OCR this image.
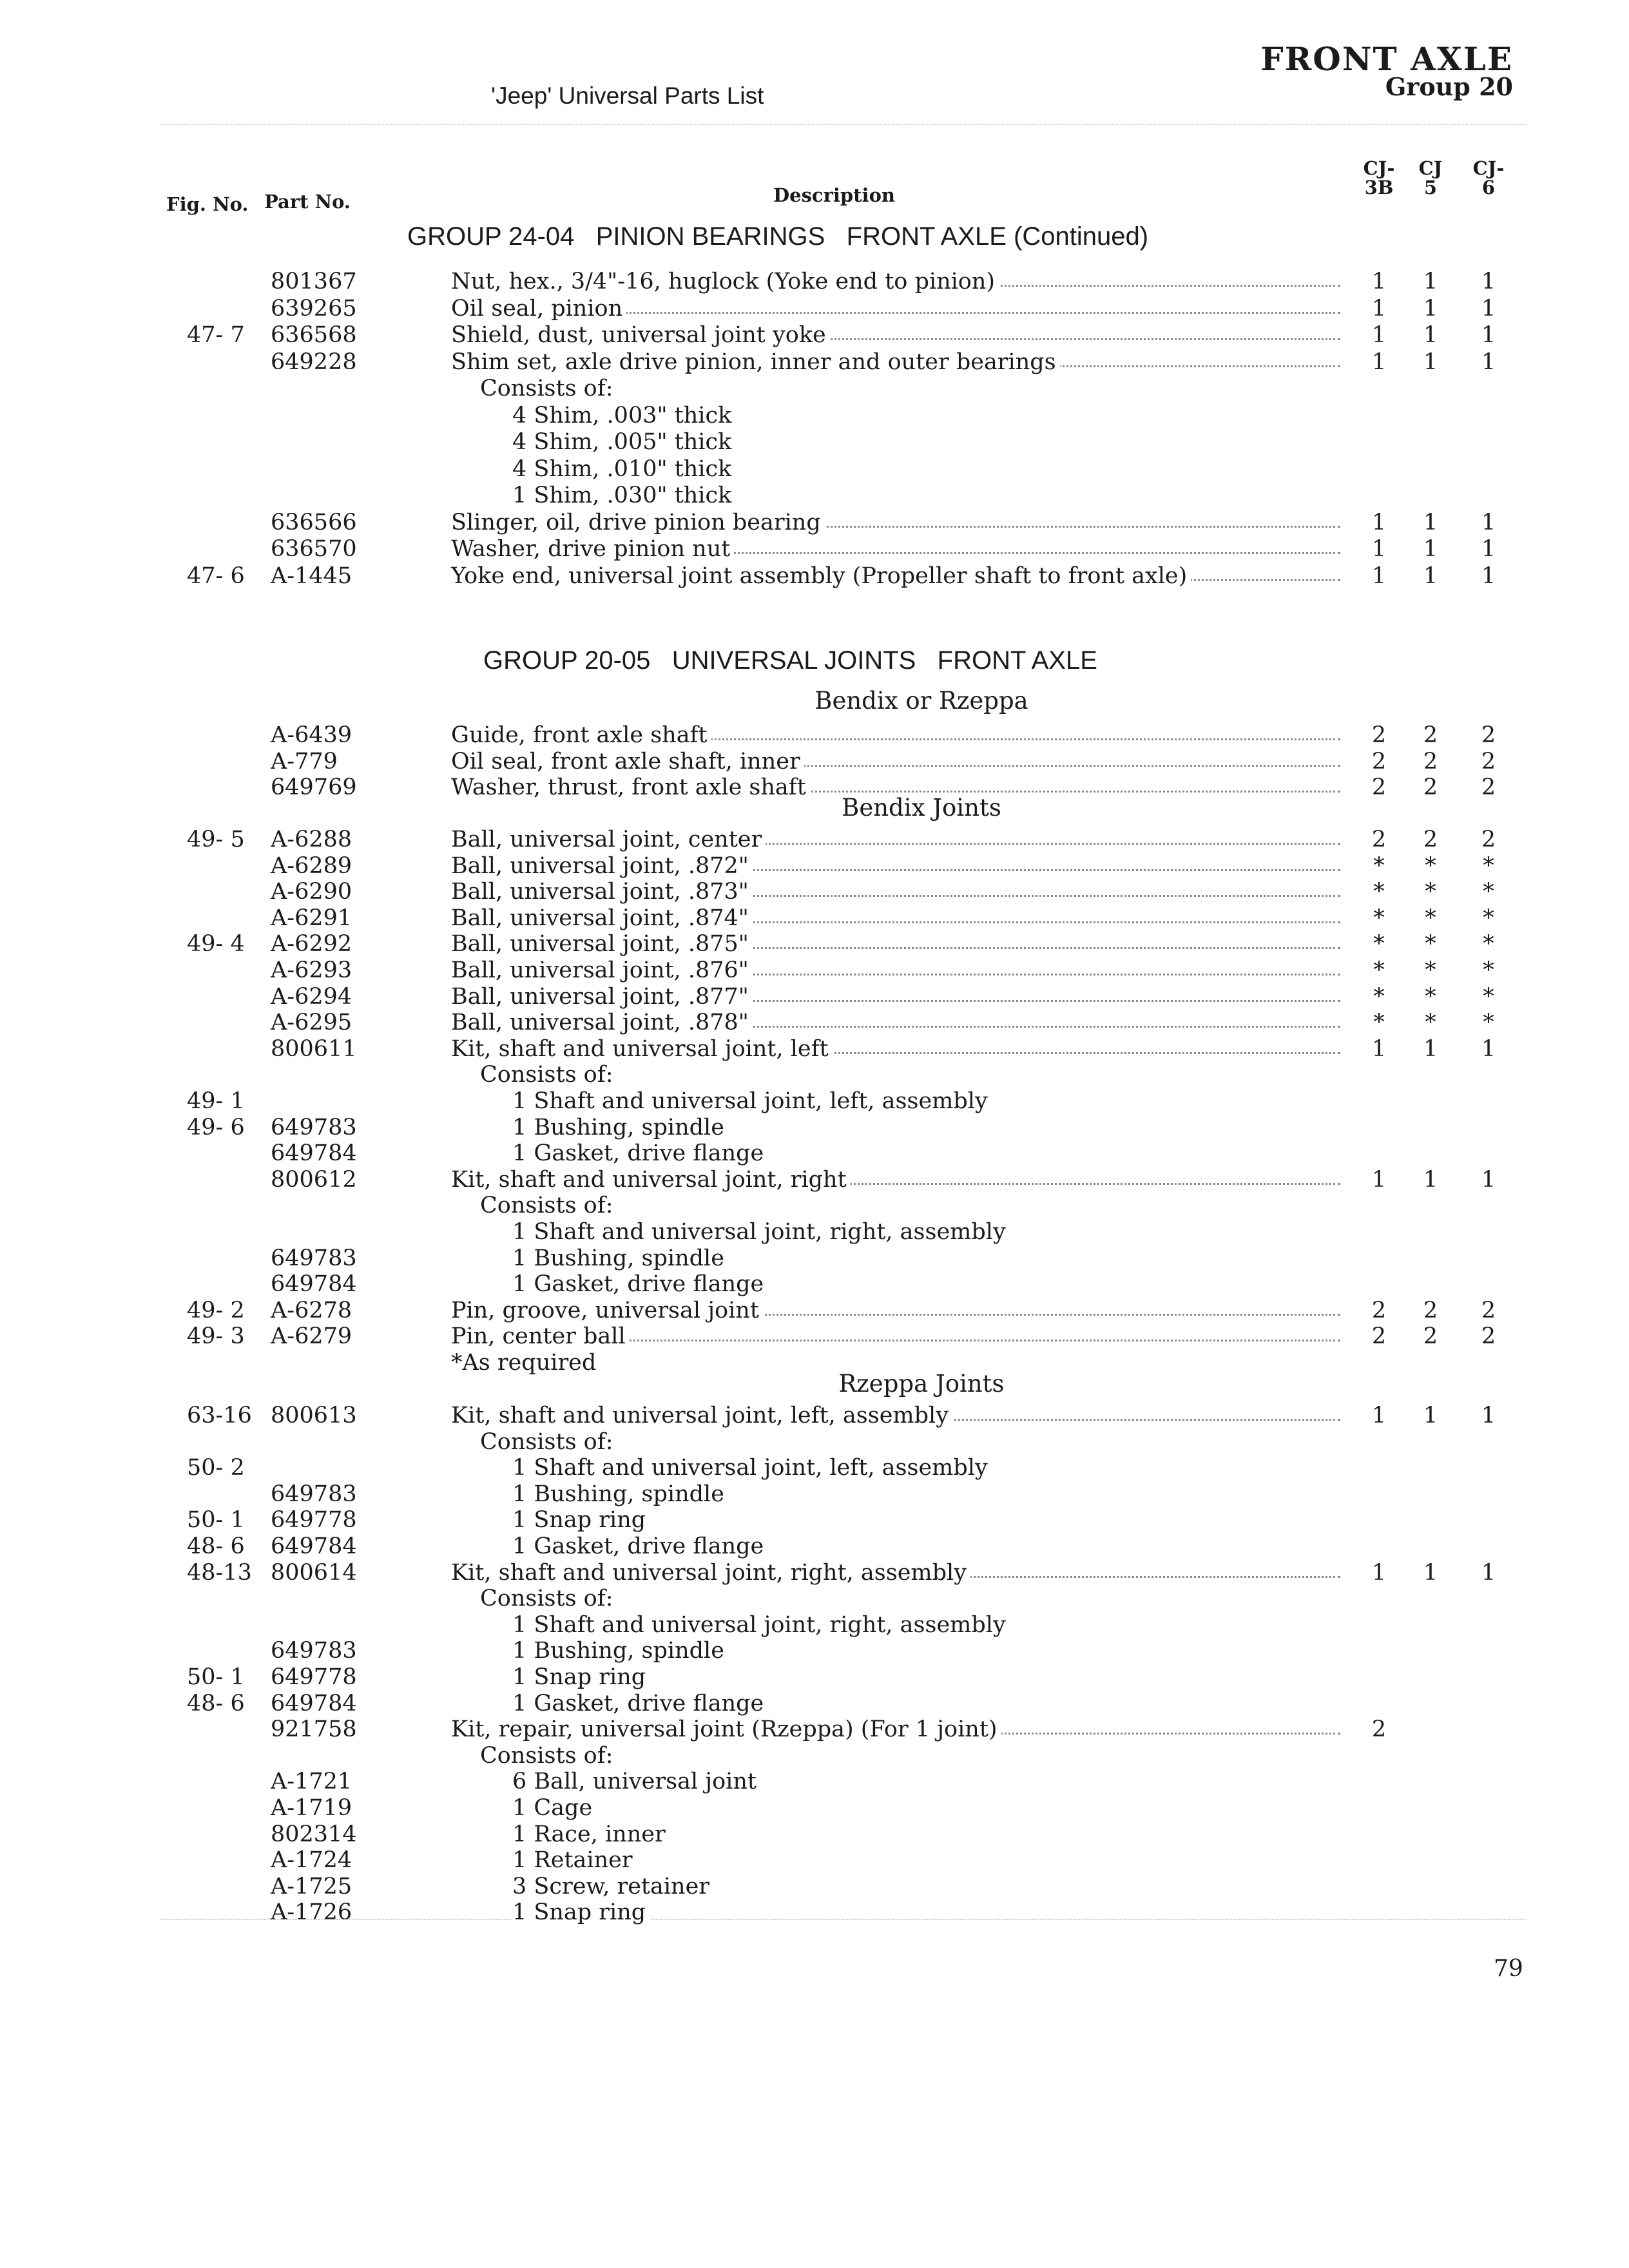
FRONT AXLE
Group 20
'Jeep' Universal Parts List
Fig. No. Part No.	Description
CJ-
3B
CJ
5
CJ-
6
GROUP 24-04   PINION BEARINGS   FRONT AXLE (Continued)
801367	Nut, hex., 3/4"-16, huglock (Yoke end to pinion)	1 1 1
639265	Oil seal, pinion	1 1 1
47- 7 636568	Shield, dust, universal joint yoke	1 1 1
649228	Shim set, axle drive pinion, inner and outer bearings	1 1 1
Consists of:
4 Shim, .003" thick
4 Shim, .005" thick
4 Shim, .010" thick
1 Shim, .030" thick
636566	Slinger, oil, drive pinion bearing	1 1 1
636570	Washer, drive pinion nut	1 1 1
47- 6 A-1445	Yoke end, universal joint assembly (Propeller shaft to front axle)	1 1 1
GROUP 20-05   UNIVERSAL JOINTS   FRONT AXLE
Bendix or Rzeppa
A-6439	Guide, front axle shaft	2 2 2
A-779	Oil seal, front axle shaft, inner	2 2 2
649769	Washer, thrust, front axle shaft	2 2 2
Bendix Joints
49- 5 A-6288	Ball, universal joint, center	2 2 2
A-6289	Ball, universal joint, .872"	*	*	*
A-6290	Ball, universal joint, .873"	*	*	*
A-6291	Ball, universal joint, .874"	*	*	*
49- 4 A-6292	Ball, universal joint, .875"	*	*	*
A-6293	Ball, universal joint, .876"	*	*	*
A-6294	Ball, universal joint, .877"	*	*	*
A-6295	Ball, universal joint, .878"	*	*	*
800611	Kit, shaft and universal joint, left	1 1 1
Consists of:
49- 1	1 Shaft and universal joint, left, assembly
49- 6 649783	1 Bushing, spindle
649784	1 Gasket, drive flange
800612	Kit, shaft and universal joint, right	1 1 1
Consists of:
1 Shaft and universal joint, right, assembly
649783	1 Bushing, spindle
649784	1 Gasket, drive flange
49- 2 A-6278	Pin, groove, universal joint	2 2 2
49- 3 A-6279	Pin, center ball	2 2 2
*As required
Rzeppa Joints
63-16 800613	Kit, shaft and universal joint, left, assembly	1 1 1
Consists of:
50- 2	1 Shaft and universal joint, left, assembly
649783	1 Bushing, spindle
50- 1 649778	1 Snap ring
48- 6 649784	1 Gasket, drive flange
48-13 800614	Kit, shaft and universal joint, right, assembly	1 1 1
Consists of:
1 Shaft and universal joint, right, assembly
649783	1 Bushing, spindle
50- 1 649778	1 Snap ring
48- 6 649784	1 Gasket, drive flange
921758	Kit, repair, universal joint (Rzeppa) (For 1 joint)	2
Consists of:
A-1721	6 Ball, universal joint
A-1719	1 Cage
802314	1 Race, inner
A-1724	1 Retainer
A-1725	3 Screw, retainer
A-1726	1 Snap ring
79
